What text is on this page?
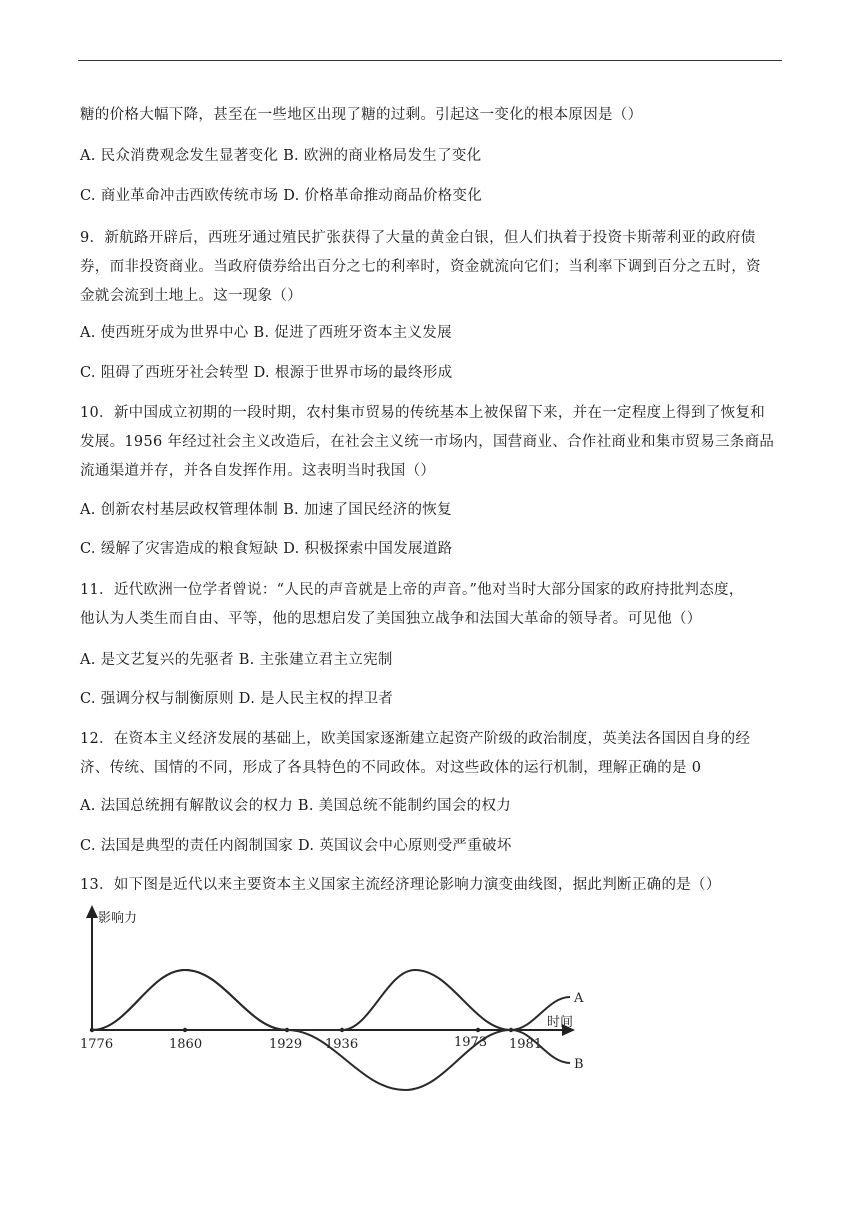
糖的价格大幅下降，甚至在一些地区出现了糖的过剩。引起这一变化的根本原因是（）
A. 民众消费观念发生显著变化 B. 欧洲的商业格局发生了变化
C. 商业革命冲击西欧传统市场 D. 价格革命推动商品价格变化
9．新航路开辟后，西班牙通过殖民扩张获得了大量的黄金白银，但人们执着于投资卡斯蒂利亚的政府债
券，而非投资商业。当政府债券给出百分之七的利率时，资金就流向它们；当利率下调到百分之五时，资
金就会流到土地上。这一现象（）
A. 使西班牙成为世界中心 B. 促进了西班牙资本主义发展
C. 阻碍了西班牙社会转型 D. 根源于世界市场的最终形成
10．新中国成立初期的一段时期，农村集市贸易的传统基本上被保留下来，并在一定程度上得到了恢复和
发展。1956 年经过社会主义改造后，在社会主义统一市场内，国营商业、合作社商业和集市贸易三条商品
流通渠道并存，并各自发挥作用。这表明当时我国（）
A. 创新农村基层政权管理体制 B. 加速了国民经济的恢复
C. 缓解了灾害造成的粮食短缺 D. 积极探索中国发展道路
11．近代欧洲一位学者曾说：“人民的声音就是上帝的声音。”他对当时大部分国家的政府持批判态度，
他认为人类生而自由、平等，他的思想启发了美国独立战争和法国大革命的领导者。可见他（）
A. 是文艺复兴的先驱者 B. 主张建立君主立宪制
C. 强调分权与制衡原则 D. 是人民主权的捍卫者
12．在资本主义经济发展的基础上，欧美国家逐渐建立起资产阶级的政治制度，英美法各国因自身的经
济、传统、国情的不同，形成了各具特色的不同政体。对这些政体的运行机制，理解正确的是 0
A. 法国总统拥有解散议会的权力 B. 美国总统不能制约国会的权力
C. 法国是典型的责任内阁制国家 D. 英国议会中心原则受严重破坏
13．如下图是近代以来主要资本主义国家主流经济理论影响力演变曲线图，据此判断正确的是（）
影响力
时间
1776	1860	1929 1936	1973 1981
A
B
